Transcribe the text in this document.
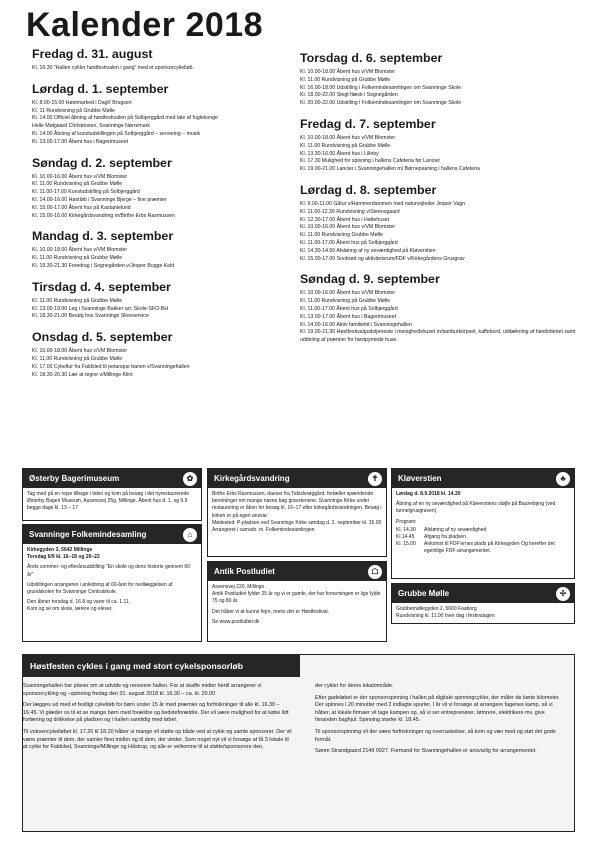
Kalender 2018
Fredag d. 31. august
Kl. 16.30 "Hallen cykler høstfestivalen i gang" med et sponsorcykelløb.
Lørdag d. 1. september
Kl. 8.00-15.00 Høstmarked i Dagli' Brugsen
Kl. 11 Rundvisning på Grubbe Mølle
Kl. 14.00 Officiel åbning af høstfestivalen på Solbjerggård med tale af fuglekonge
Helle Mølgaard Christensen, Svanninge Nørremark
Kl. 14.00 Åbning af kunstudstillingen på Solbjerggård – servering – musik
Kl. 13.00-17.00 Åbent hus i Bagerimuseet
Søndag d. 2. september
Kl. 10.00-16.00 Åbent hus v/VM Blomster
Kl. 11.00 Rundvisning på Grubbe Mølle
Kl. 11.00-17.00 Kunstudstilling på Solbjerggård
Kl. 14.00-16.00 Høstløb i Svanninge Bjerge – fine præmier
Kl. 15.00-17.00 Åbent hus på Kastanielund
Kl. 15.00-16.00 Kirkegårdsvandring m/Birthe Erbs Rasmussen
Mandag d. 3. september
Kl. 10.00-18.00 Åbent hus v/VM Blomster
Kl. 11.00 Rundvisning på Grubbe Mølle
Kl. 19.30-21.30 Foredrag i Sognegården v/Jesper Bugge Kold
Tirsdag d. 4. september
Kl. 11.00 Rundvisning på Grubbe Mølle
Kl. 13.00-19.00 Leg i Svanninge Bakker arr. Skole-SFO-BH
Kl. 18.30-21.00 Besøg hos Svanninge Skovservice
Onsdag d. 5. september
Kl. 10.00-18.00 Åbent hus v/VM Blomster
Kl. 11.00 Rundvisning på Grubbe Mølle
Kl. 17.00 Cykeltur fra Faldsled til petanque banen v/Svanningehallen
Kl. 18.30-20.30 Lær at tegne v/Millinge Klint
Torsdag d. 6. september
Kl. 10.00-18.00 Åbent hus v/VM Blomster
Kl. 11.00 Rundvisning på Grubbe Mølle
Kl. 16.00-18.00 Udstilling i Folkemindesamlingen om Svanninge Skole
Kl. 18.00-22.00 Stegt flæsk i Sognegården
Kl. 20.00-22.00 Udstilling i Folkemindesamlingen om Svanninge Skole
Fredag d. 7. september
Kl. 10.00-18.00 Åbent hus v/VM Blomster
Kl. 11.00 Rundvisning på Grubbe Mølle
Kl. 13.30-16.00 Åbent hus i Lilleby
Kl. 17.30 Mulighed for spisning i hallens Cafeteria før Lancier
Kl. 19.00-21.00 Lancier i Svanningehallen m/ Børnepasning i hallens Cafeteria
Lørdag d. 8. september
Kl. 9.00-11.00 Gåtur v/Hammerdammen med naturvejleder Jesper Vagn
Kl. 11.00-12.30 Rundvisning v/Steensgaard
Kl. 12.30-17.00 Åbent hus i Hattehuset
Kl. 10.00-16.00 Åbent hus v/VM Blomster
Kl. 11.00 Rundvisning Grubbe Mølle
Kl. 11.00-17.00 Åbent hus på Solbjerggård
Kl. 14.30-14.50 Afsløring af ny seværdighed på Kløverstien
Kl. 15.00-17.00 Snobrød og aktivitetsrum/FDF v/Kirkegårdens Grusgrav
Søndag d. 9. september
Kl. 10.00-16.00 Åbent hus v/VM Blomster
Kl. 11.00 Rundvisning på Grubbe Mølle
Kl. 11.00-17.00 Åbent hus på Solbjerggård
Kl. 13.00-17.00 Åbent hus i Bagerimuseet
Kl. 14.00-16.00 Aktiv familietid i Svanningehallen
Kl. 19.00-21.30 Høstfestivalgudstjeneste i menighedshuset m/tamburkorpset, kaffebord, uddækning af høstlotteriet samt uddeling af præmier for høstpyntede huse.
Østerby Bagerimuseum	✿

Tag med på en rejse tilbage i tiden og kom på besøg i det nyrestaurerede Østerby Bageri Museum, Assensvej 25g, Millinge. Åbent hus d. 1. og 9.9 begge dage kl. 13 – 17

Svanninge Folkemindesamling	⌂

Kirkegyden 3, 5642 Millinge

Torsdag 6/9 kl. 16–18 og 20–22

Årets sommer- og efterårsudstilling "En skole og dens historie gennem 60 år"

Udstillingen arrangeres i anledning af 60-året for nedlæggelsen af grundskolen for Svanninge Centralskole.

Den åbner torsdag d. 16.8 og varer til ca. 1.11.

Kom og se om skole, lærere og elever.

Kirkegårdsvandring	✝

Birthe Erbs Rasmussen, daeser fra Tidsslerøggård, fortæller spændende beretninger om mange navne bag gravstenene. Svanninge Kirke under restaurering er åben for besøg kl. 16–17 efter kirkegårdsvandringen. Besøg i kirken er på egen ansvar.

Mødested: P-pladsen ved Svanninge Kirke søndag d. 2. september kl. 15.00

Arrangeret i samarb. m. Folkemindesamlingen

Antik Postludiet	☖

Assensvej 220, Millinge

Antik Postludiet fylder 25 år og vi er gamle, der har fornemingen er lige fylde 75 og 80 år.

Det håber vi at kunne fejre, mens der er Høstfestival.

Se www.postludiet.dk

Kløverstien	♣

Lørdag d. 8.9.2018 kl. 14.30

Åbning af en ny seværdighed på Kløverstiens sløjfe på Baunebjerg (ved tunnelgrusgraven)

Program:

Kl. 14.30	Afsløring af ny seværdighed
Kl.14.45	Afgang fra pladsen
Kl. 15.00	Ankomst til FDF'ernes plads på Kirkegyden Og herefter det egentlige FDF-arrangementet.
Grubbe Mølle	✢

Grubbemøllegyden 2, 5600 Faaborg

Rundvisning kl. 11.00 hver dag i festivalugen

Høstfesten cykles i gang med stort cykelsponsorløb

Svanningehallen har planer om at udvide og renovere hallen. For at skaffe midler hertil arrangerer vi sponsorcykling og –spinning fredag den 31. august 2018 kl. 16.30 – ca. kl. 20.00

Der lægges ud med et festligt cykelløb for børn under 15 år med præmier og forfriskninger til alle kl. 16.30 – 16.45. Vi glæder os til at se mange børn med forældre og bedsteforældre. Der vil være mulighed for at købe lidt forfæring og drikkelse på pladsen og i hallen samtidig med løbet.

Til voksencykelløbet kl. 17.20 til 18.20 håber vi mange vil støtte op både ved at cykle og samle sponsorer. Der vil være præmier til dem, der samler flest midler og til dem, der vinder. Som noget nyt vil vi forsøge at få 3 lokale til at cykle for Faldsled, Svanninge/Millinge og Håstrup, og alle er velkomne til at støtte/sponsorere den,

der cykler for deres lokalområde.

Efter gadeløbet er der sponsorspinning i hallen på digitale spinningcykler, der måler de kørte kilometer. Der spinnes i 20 minutter med 2 indlagte spurter. I år vil vi forsøge at arrangere fagenes kamp, så vi håber, at lokale firmaer vil tage kampen op, så vi ser entreprenører, tømrere, elektrikere mv. give hinanden baghjul. Spinning starter kl. 18.45.

Til sponsorspinning vil der være forfriskninger og overraskelser, så kom og vær med og støt det gode formål.

Søren Strandgaard 2149 0027. Formand for Svanningehallen er ansvarlig for arrangementet.
